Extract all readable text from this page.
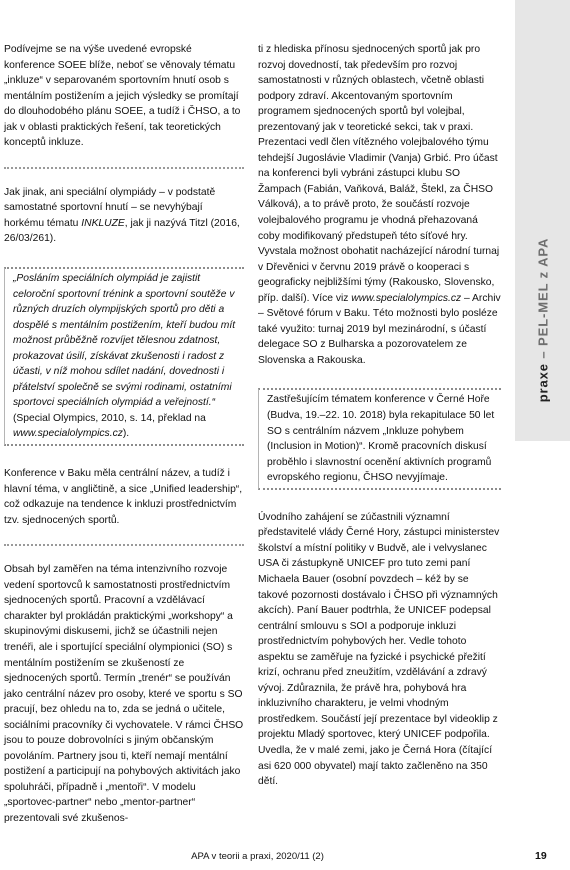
praxe – PEL-MEL z APA

Podívejme se na výše uvedené evropské konference SOEE blíže, neboť se věnovaly tématu „inkluze“ v separovaném sportovním hnutí osob s mentálním postižením a jejich výsledky se promítají do dlouhodobého plánu SOEE, a tudíž i ČHSO, a to jak v oblasti praktických řešení, tak teoretických konceptů inkluze.

Jak jinak, ani speciální olympiády – v podstatě samostatné sportovní hnutí – se nevyhýbají horkému tématu INKLUZE, jak ji nazývá Titzl (2016, 26/03/261).

„Posláním speciálních olympiád je zajistit celoroční sportovní trénink a sportovní soutěže v různých druzích olympijských sportů pro děti a dospělé s mentálním postižením, kteří budou mít možnost průběžně rozvíjet tělesnou zdatnost, prokazovat úsilí, získávat zkušenosti i radost z účasti, v níž mohou sdílet nadání, dovednosti i přátelství společně se svými rodinami, ostatními sportovci speciálních olympiád a veřejností.“ (Special Olympics, 2010, s. 14, překlad na www.specialolympics.cz).

Konference v Baku měla centrální název, a tudíž i hlavní téma, v angličtině, a sice „Unified leadership“, což odkazuje na tendence k inkluzi prostřednictvím tzv. sjednocených sportů.

Obsah byl zaměřen na téma intenzivního rozvoje vedení sportovců k samostatnosti prostřednictvím sjednocených sportů. Pracovní a vzdělávací charakter byl prokládán praktickými „workshopy“ a skupinovými diskusemi, jichž se účastnili nejen trenéři, ale i sportující speciální olympionici (SO) s mentálním postižením se zkušeností ze sjednocených sportů. Termín „trenér“ se používán jako centrální název pro osoby, které ve sportu s SO pracují, bez ohledu na to, zda se jedná o učitele, sociálními pracovníky či vychovatele. V rámci ČHSO jsou to pouze dobrovolníci s jiným občanským povoláním. Partnery jsou ti, kteří nemají mentální postižení a participují na pohybových aktivitách jako spoluhráči, případně i „mentoři“. V modelu „sportovec-partner“ nebo „mentor-partner“ prezentovali své zkušenos-

ti z hlediska přínosu sjednocených sportů jak pro rozvoj dovedností, tak především pro rozvoj samostatnosti v různých oblastech, včetně oblasti podpory zdraví. Akcentovaným sportovním programem sjednocených sportů byl volejbal, prezentovaný jak v teoretické sekci, tak v praxi. Prezentaci vedl člen vítězného volejbalového týmu tehdejší Jugoslávie Vladimir (Vanja) Grbić. Pro účast na konferenci byli vybráni zástupci klubu SO Žampach (Fabián, Vaňková, Baláž, Štekl, za ČHSO Válková), a to právě proto, že součástí rozvoje volejbalového programu je vhodná přehazovaná coby modifikovaný předstupeň této síťové hry. Vyvstala možnost obohatit nacházející národní turnaj v Dřevěnici v červnu 2019 právě o kooperaci s geograficky nejbližšími týmy (Rakousko, Slovensko, příp. další). Více viz www.specialolympics.cz – Archiv – Světové fórum v Baku. Této možnosti bylo posléze také využito: turnaj 2019 byl mezinárodní, s účastí delegace SO z Bulharska a pozorovatelem ze Slovenska a Rakouska.

Zastřešujícím tématem konference v Černé Hoře (Budva, 19.–22. 10. 2018) byla rekapitulace 50 let SO s centrálním názvem „Inkluze pohybem (Inclusion in Motion)“. Kromě pracovních diskusí proběhlo i slavnostní ocenění aktivních programů evropského regionu, ČHSO nevyjímaje.

Úvodního zahájení se zúčastnili významní představitelé vlády Černé Hory, zástupci ministerstev školství a místní politiky v Budvě, ale i velvyslanec USA či zástupkyně UNICEF pro tuto zemi paní Michaela Bauer (osobní povzdech – kéž by se takové pozornosti dostávalo i ČHSO při významných akcích). Paní Bauer podtrhla, že UNICEF podepsal centrální smlouvu s SOI a podporuje inkluzi prostřednictvím pohybových her. Vedle tohoto aspektu se zaměřuje na fyzické i psychické přežití krizí, ochranu před zneužitím, vzdělávání a zdravý vývoj. Zdůraznila, že právě hra, pohybová hra inkluzivního charakteru, je velmi vhodným prostředkem. Součástí její prezentace byl videoklip z projektu Mladý sportovec, který UNICEF podpořila. Uvedla, že v malé zemi, jako je Černá Hora (čítající asi 620 000 obyvatel) mají takto začleněno na 350 dětí.

APA v teorii a praxi, 2020/11 (2)	19
